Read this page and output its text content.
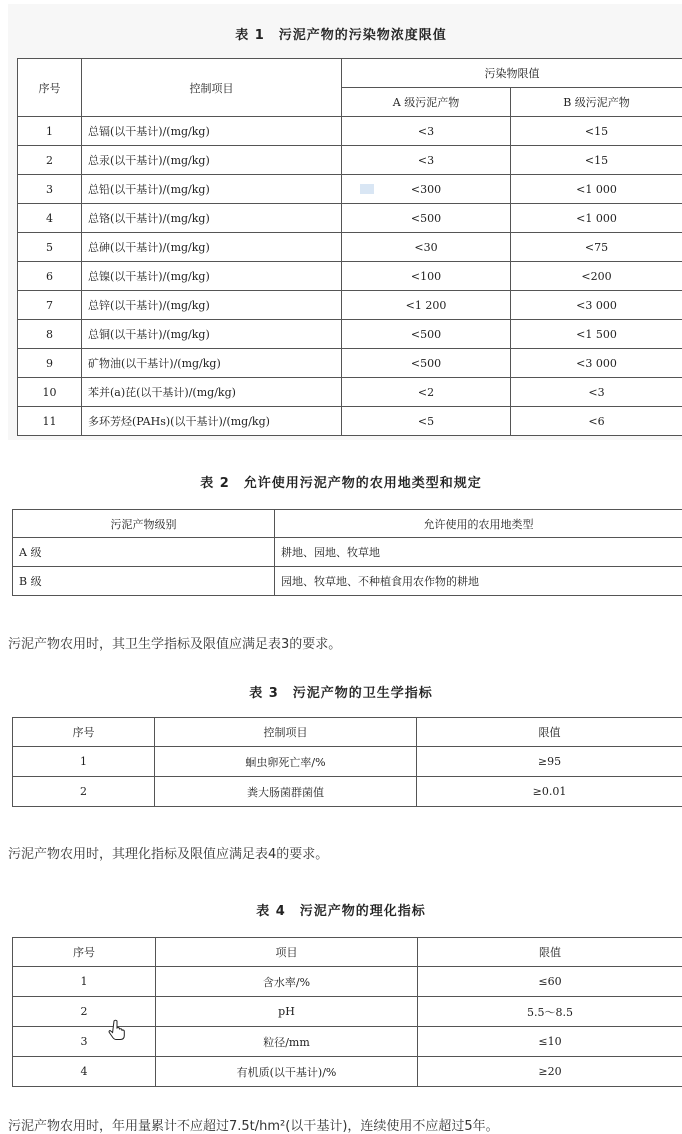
表 1　污泥产物的污染物浓度限值
序号	控制项目	污染物限值	
		A 级污泥产物	B 级污泥产物
1	总镉(以干基计)/(mg/kg)	<3	<15
2	总汞(以干基计)/(mg/kg)	<3	<15
3	总铅(以干基计)/(mg/kg)	<300	<1 000
4	总铬(以干基计)/(mg/kg)	<500	<1 000
5	总砷(以干基计)/(mg/kg)	<30	<75
6	总镍(以干基计)/(mg/kg)	<100	<200
7	总锌(以干基计)/(mg/kg)	<1 200	<3 000
8	总铜(以干基计)/(mg/kg)	<500	<1 500
9	矿物油(以干基计)/(mg/kg)	<500	<3 000
10	苯并(a)芘(以干基计)/(mg/kg)	<2	<3
11	多环芳烃(PAHs)(以干基计)/(mg/kg)	<5	<6
表 2　允许使用污泥产物的农用地类型和规定
污泥产物级别	允许使用的农用地类型
A 级	耕地、园地、牧草地
B 级	园地、牧草地、不种植食用农作物的耕地
污泥产物农用时，其卫生学指标及限值应满足表3的要求。
表 3　污泥产物的卫生学指标
序号	控制项目	限值
1	蛔虫卵死亡率/%	≥95
2	粪大肠菌群菌值	≥0.01
污泥产物农用时，其理化指标及限值应满足表4的要求。
表 4　污泥产物的理化指标
序号	项目	限值
1	含水率/%	≤60
2	pH	5.5～8.5
3	粒径/mm	≤10
4	有机质(以干基计)/%	≥20
污泥产物农用时，年用量累计不应超过7.5t/hm²(以干基计)，连续使用不应超过5年。
